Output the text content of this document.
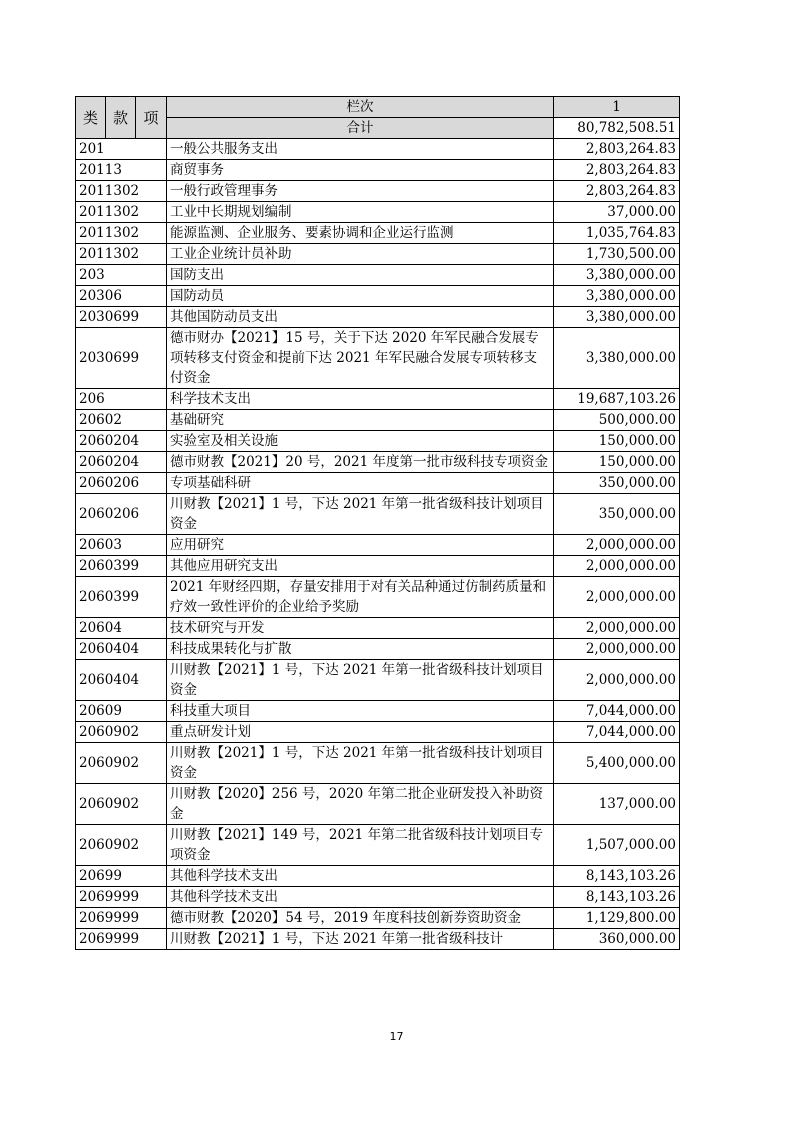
类	款	项	栏次	1
			合计	80,782,508.51
201			一般公共服务支出	2,803,264.83
20113			商贸事务	2,803,264.83
2011302			一般行政管理事务	2,803,264.83
2011302			工业中长期规划编制	37,000.00
2011302			能源监测、企业服务、要素协调和企业运行监测	1,035,764.83
2011302			工业企业统计员补助	1,730,500.00
203			国防支出	3,380,000.00
20306			国防动员	3,380,000.00
2030699			其他国防动员支出	3,380,000.00
2030699			德市财办【2021】15 号，关于下达 2020 年军民融合发展专项转移支付资金和提前下达 2021 年军民融合发展专项转移支付资金	3,380,000.00
206			科学技术支出	19,687,103.26
20602			基础研究	500,000.00
2060204			实验室及相关设施	150,000.00
2060204			德市财教【2021】20 号，2021 年度第一批市级科技专项资金	150,000.00
2060206			专项基础科研	350,000.00
2060206			川财教【2021】1 号，下达 2021 年第一批省级科技计划项目资金	350,000.00
20603			应用研究	2,000,000.00
2060399			其他应用研究支出	2,000,000.00
2060399			2021 年财经四期，存量安排用于对有关品种通过仿制药质量和疗效一致性评价的企业给予奖励	2,000,000.00
20604			技术研究与开发	2,000,000.00
2060404			科技成果转化与扩散	2,000,000.00
2060404			川财教【2021】1 号，下达 2021 年第一批省级科技计划项目资金	2,000,000.00
20609			科技重大项目	7,044,000.00
2060902			重点研发计划	7,044,000.00
2060902			川财教【2021】1 号，下达 2021 年第一批省级科技计划项目资金	5,400,000.00
2060902			川财教【2020】256 号，2020 年第二批企业研发投入补助资金	137,000.00
2060902			川财教【2021】149 号，2021 年第二批省级科技计划项目专项资金	1,507,000.00
20699			其他科学技术支出	8,143,103.26
2069999			其他科学技术支出	8,143,103.26
2069999			德市财教【2020】54 号，2019 年度科技创新券资助资金	1,129,800.00
2069999			川财教【2021】1 号，下达 2021 年第一批省级科技计	360,000.00
17
